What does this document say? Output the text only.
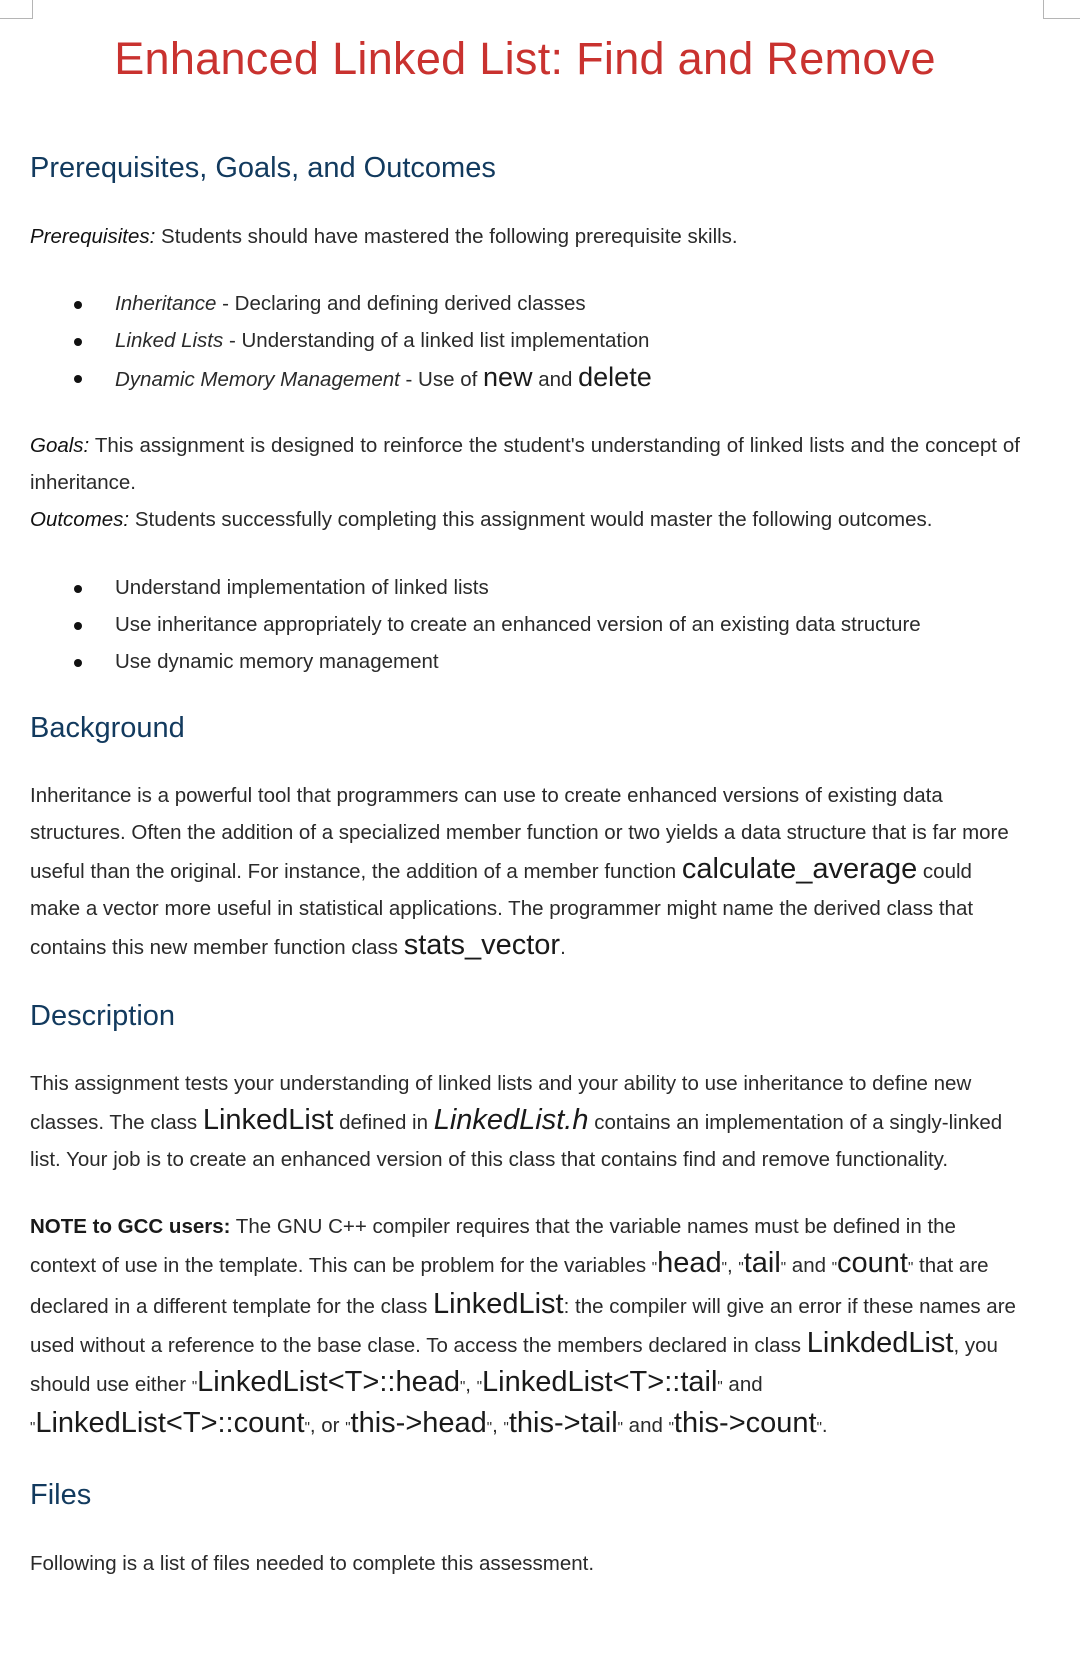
Enhanced Linked List: Find and Remove
Prerequisites, Goals, and Outcomes

Prerequisites: Students should have mastered the following prerequisite skills.

Inheritance - Declaring and defining derived classes
Linked Lists - Understanding of a linked list implementation
Dynamic Memory Management - Use of new and delete

Goals: This assignment is designed to reinforce the student's understanding of linked lists and the concept of inheritance.

Outcomes: Students successfully completing this assignment would master the following outcomes.

Understand implementation of linked lists
Use inheritance appropriately to create an enhanced version of an existing data structure
Use dynamic memory management
Background

Inheritance is a powerful tool that programmers can use to create enhanced versions of existing data structures. Often the addition of a specialized member function or two yields a data structure that is far more useful than the original. For instance, the addition of a member function calculate_average could make a vector more useful in statistical applications. The programmer might name the derived class that contains this new member function class stats_vector.

Description

This assignment tests your understanding of linked lists and your ability to use inheritance to define new classes. The class LinkedList defined in LinkedList.h contains an implementation of a singly-linked list. Your job is to create an enhanced version of this class that contains find and remove functionality.

NOTE to GCC users: The GNU C++ compiler requires that the variable names must be defined in the context of use in the template. This can be problem for the variables "head", "tail" and "count" that are declared in a different template for the class LinkedList: the compiler will give an error if these names are used without a reference to the base clase. To access the members declared in class LinkdedList, you should use either "LinkedList<T>::head", "LinkedList<T>::tail" and "LinkedList<T>::count", or "this->head", "this->tail" and "this->count".

Files

Following is a list of files needed to complete this assessment.
